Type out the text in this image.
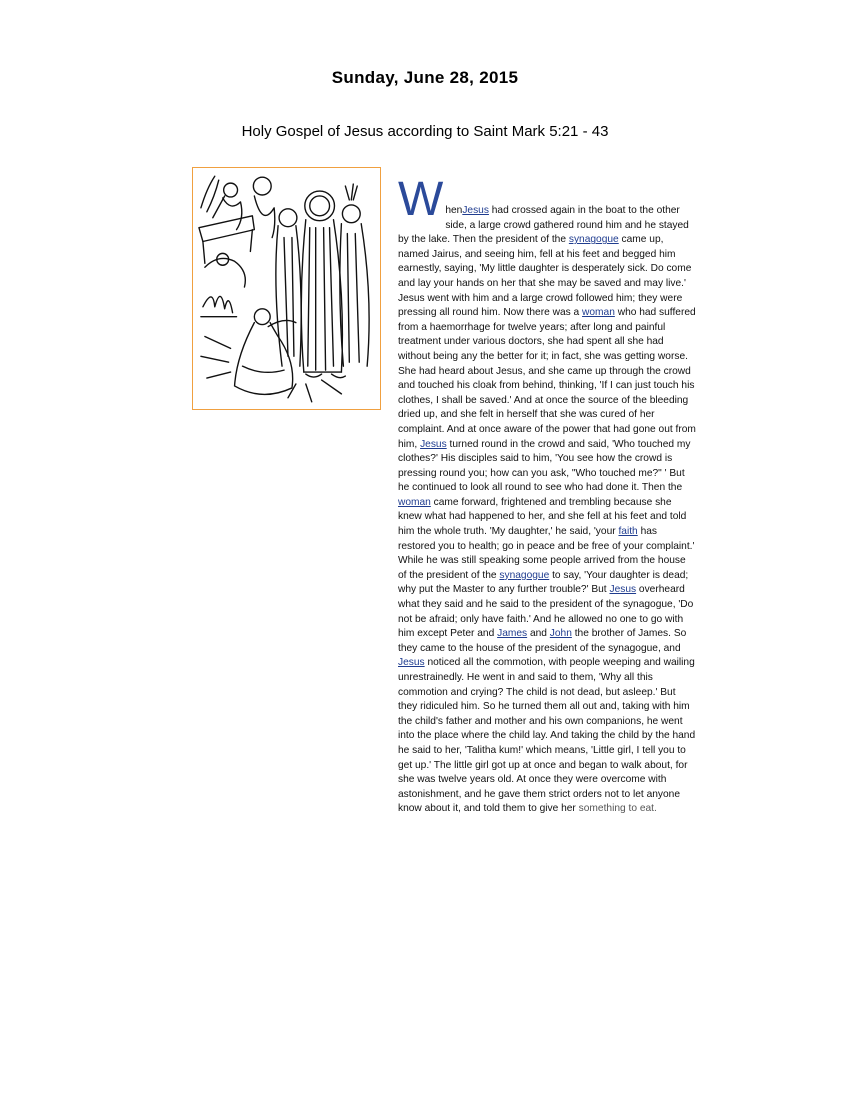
Sunday, June 28, 2015
Holy Gospel of Jesus according to Saint Mark 5:21 - 43
W henJesus had crossed again in the boat to the other side, a large crowd gathered round him and he stayed by the lake. Then the president of the synagogue came up, named Jairus, and seeing him, fell at his feet and begged him earnestly, saying, 'My little daughter is desperately sick. Do come and lay your hands on her that she may be saved and may live.' Jesus went with him and a large crowd followed him; they were pressing all round him. Now there was a woman who had suffered from a haemorrhage for twelve years; after long and painful treatment under various doctors, she had spent all she had without being any the better for it; in fact, she was getting worse. She had heard about Jesus, and she came up through the crowd and touched his cloak from behind, thinking, 'If I can just touch his clothes, I shall be saved.' And at once the source of the bleeding dried up, and she felt in herself that she was cured of her complaint. And at once aware of the power that had gone out from him, Jesus turned round in the crowd and said, 'Who touched my clothes?' His disciples said to him, 'You see how the crowd is pressing round you; how can you ask, "Who touched me?" ' But he continued to look all round to see who had done it. Then the woman came forward, frightened and trembling because she knew what had happened to her, and she fell at his feet and told him the whole truth. 'My daughter,' he said, 'your faith has restored you to health; go in peace and be free of your complaint.' While he was still speaking some people arrived from the house of the president of the synagogue to say, 'Your daughter is dead; why put the Master to any further trouble?' But Jesus overheard what they said and he said to the president of the synagogue, 'Do not be afraid; only have faith.' And he allowed no one to go with him except Peter and James and John the brother of James. So they came to the house of the president of the synagogue, and Jesus noticed all the commotion, with people weeping and wailing unrestrainedly. He went in and said to them, 'Why all this commotion and crying? The child is not dead, but asleep.' But they ridiculed him. So he turned them all out and, taking with him the child's father and mother and his own companions, he went into the place where the child lay. And taking the child by the hand he said to her, 'Talitha kum!' which means, 'Little girl, I tell you to get up.' The little girl got up at once and began to walk about, for she was twelve years old. At once they were overcome with astonishment, and he gave them strict orders not to let anyone know about it, and told them to give her something to eat.
